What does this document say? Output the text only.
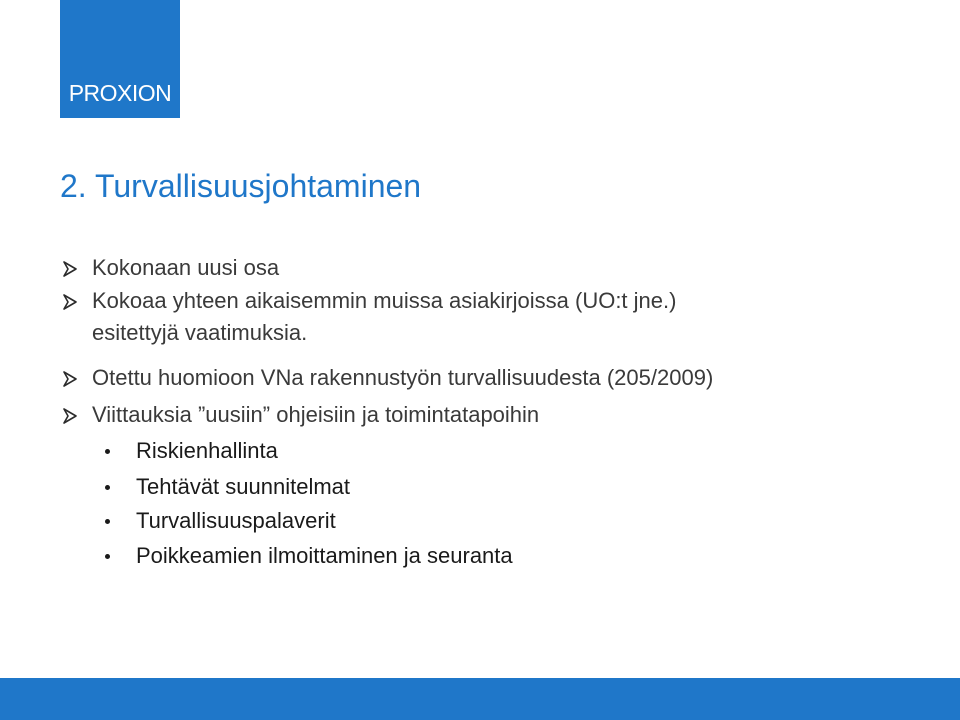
PROXION
2. Turvallisuusjohtaminen
Kokonaan uusi osa
Kokoaa yhteen aikaisemmin muissa asiakirjoissa (UO:t jne.)
esitettyjä vaatimuksia.
Otettu huomioon VNa rakennustyön turvallisuudesta (205/2009)
Viittauksia ”uusiin” ohjeisiin ja toimintatapoihin
Riskienhallinta
Tehtävät suunnitelmat
Turvallisuuspalaverit
Poikkeamien ilmoittaminen ja seuranta
